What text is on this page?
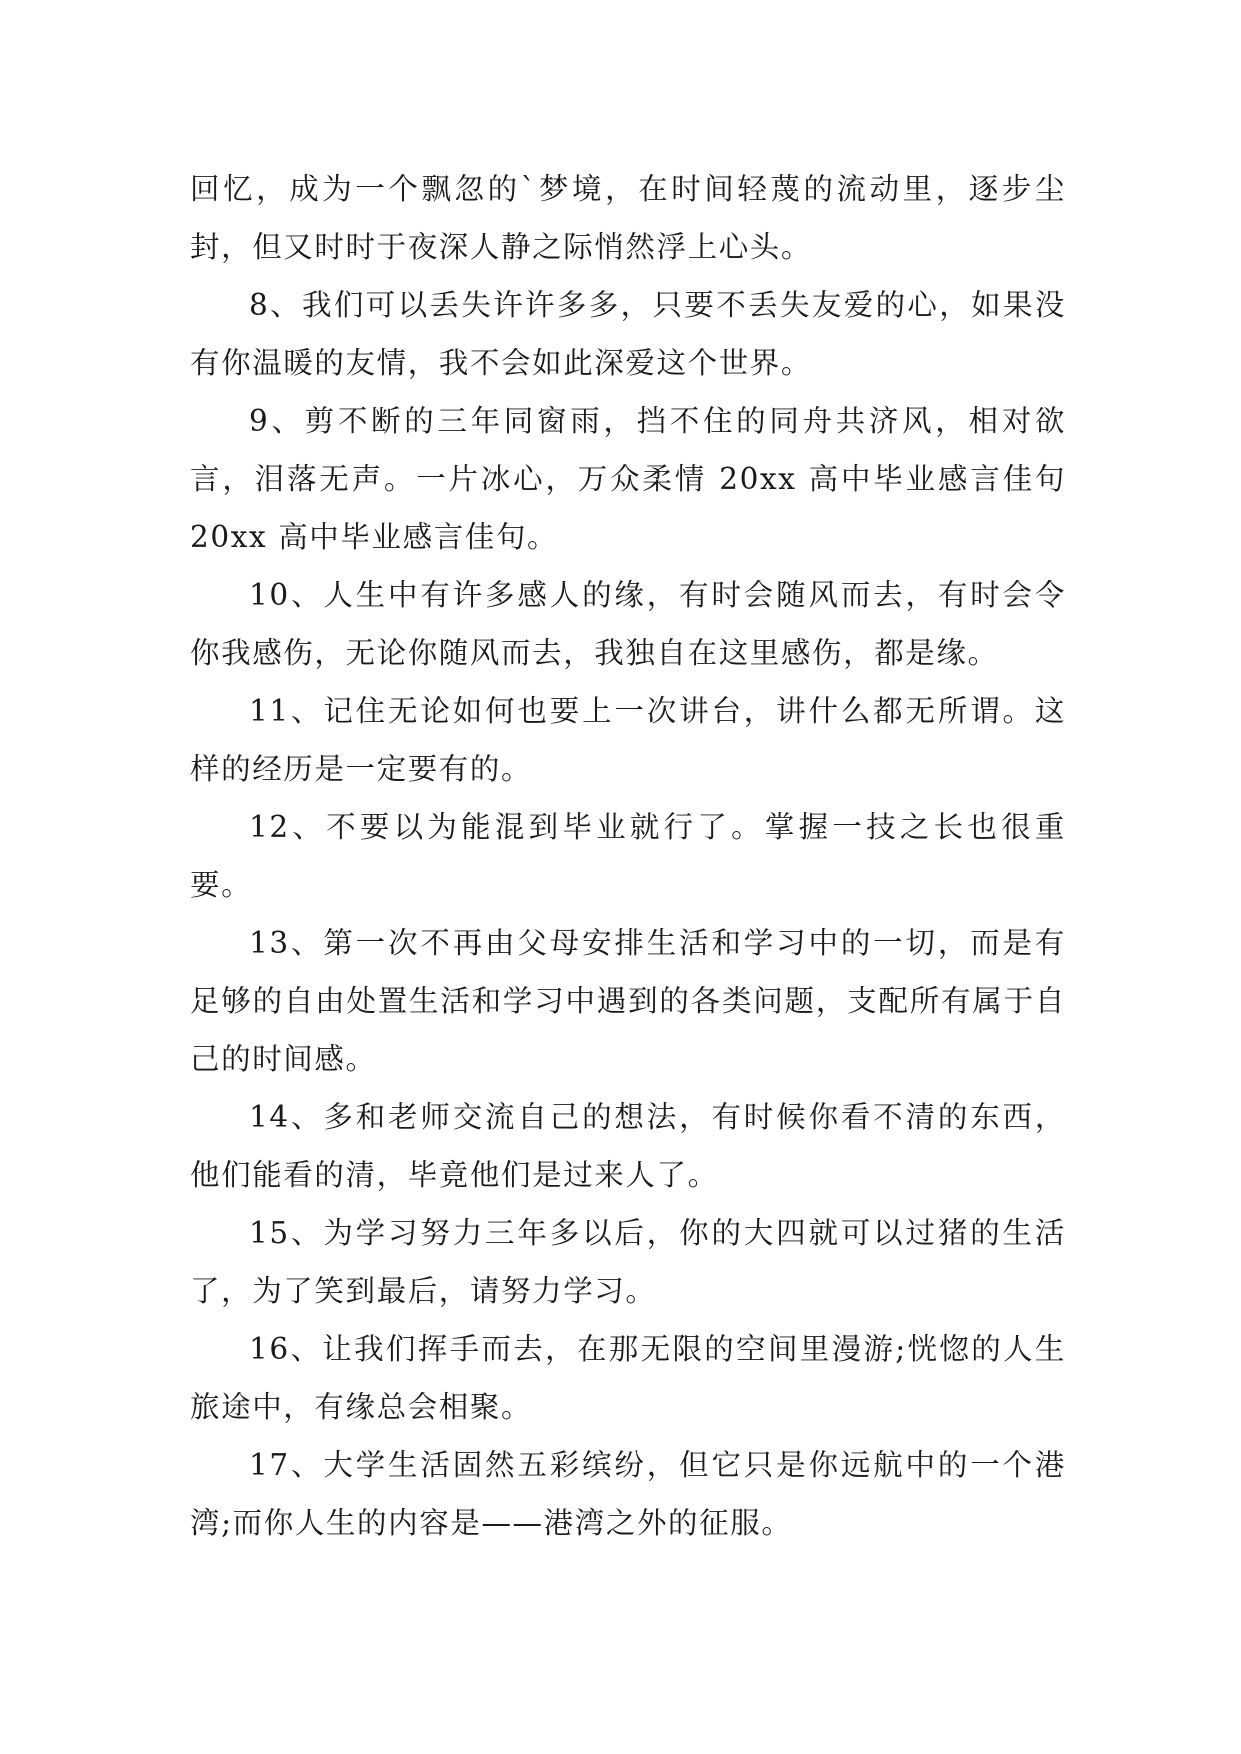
回忆，成为一个飘忽的`梦境，在时间轻蔑的流动里，逐步尘封，但又时时于夜深人静之际悄然浮上心头。

8、我们可以丢失许许多多，只要不丢失友爱的心，如果没有你温暖的友情，我不会如此深爱这个世界。

9、剪不断的三年同窗雨，挡不住的同舟共济风，相对欲言，泪落无声。一片冰心，万众柔情 20xx 高中毕业感言佳句 20xx 高中毕业感言佳句。

10、人生中有许多感人的缘，有时会随风而去，有时会令你我感伤，无论你随风而去，我独自在这里感伤，都是缘。

11、记住无论如何也要上一次讲台，讲什么都无所谓。这样的经历是一定要有的。

12、不要以为能混到毕业就行了。掌握一技之长也很重要。

13、第一次不再由父母安排生活和学习中的一切，而是有足够的自由处置生活和学习中遇到的各类问题，支配所有属于自己的时间感。

14、多和老师交流自己的想法，有时候你看不清的东西，他们能看的清，毕竟他们是过来人了。

15、为学习努力三年多以后，你的大四就可以过猪的生活了，为了笑到最后，请努力学习。

16、让我们挥手而去，在那无限的空间里漫游;恍惚的人生旅途中，有缘总会相聚。

17、大学生活固然五彩缤纷，但它只是你远航中的一个港湾;而你人生的内容是——港湾之外的征服。
